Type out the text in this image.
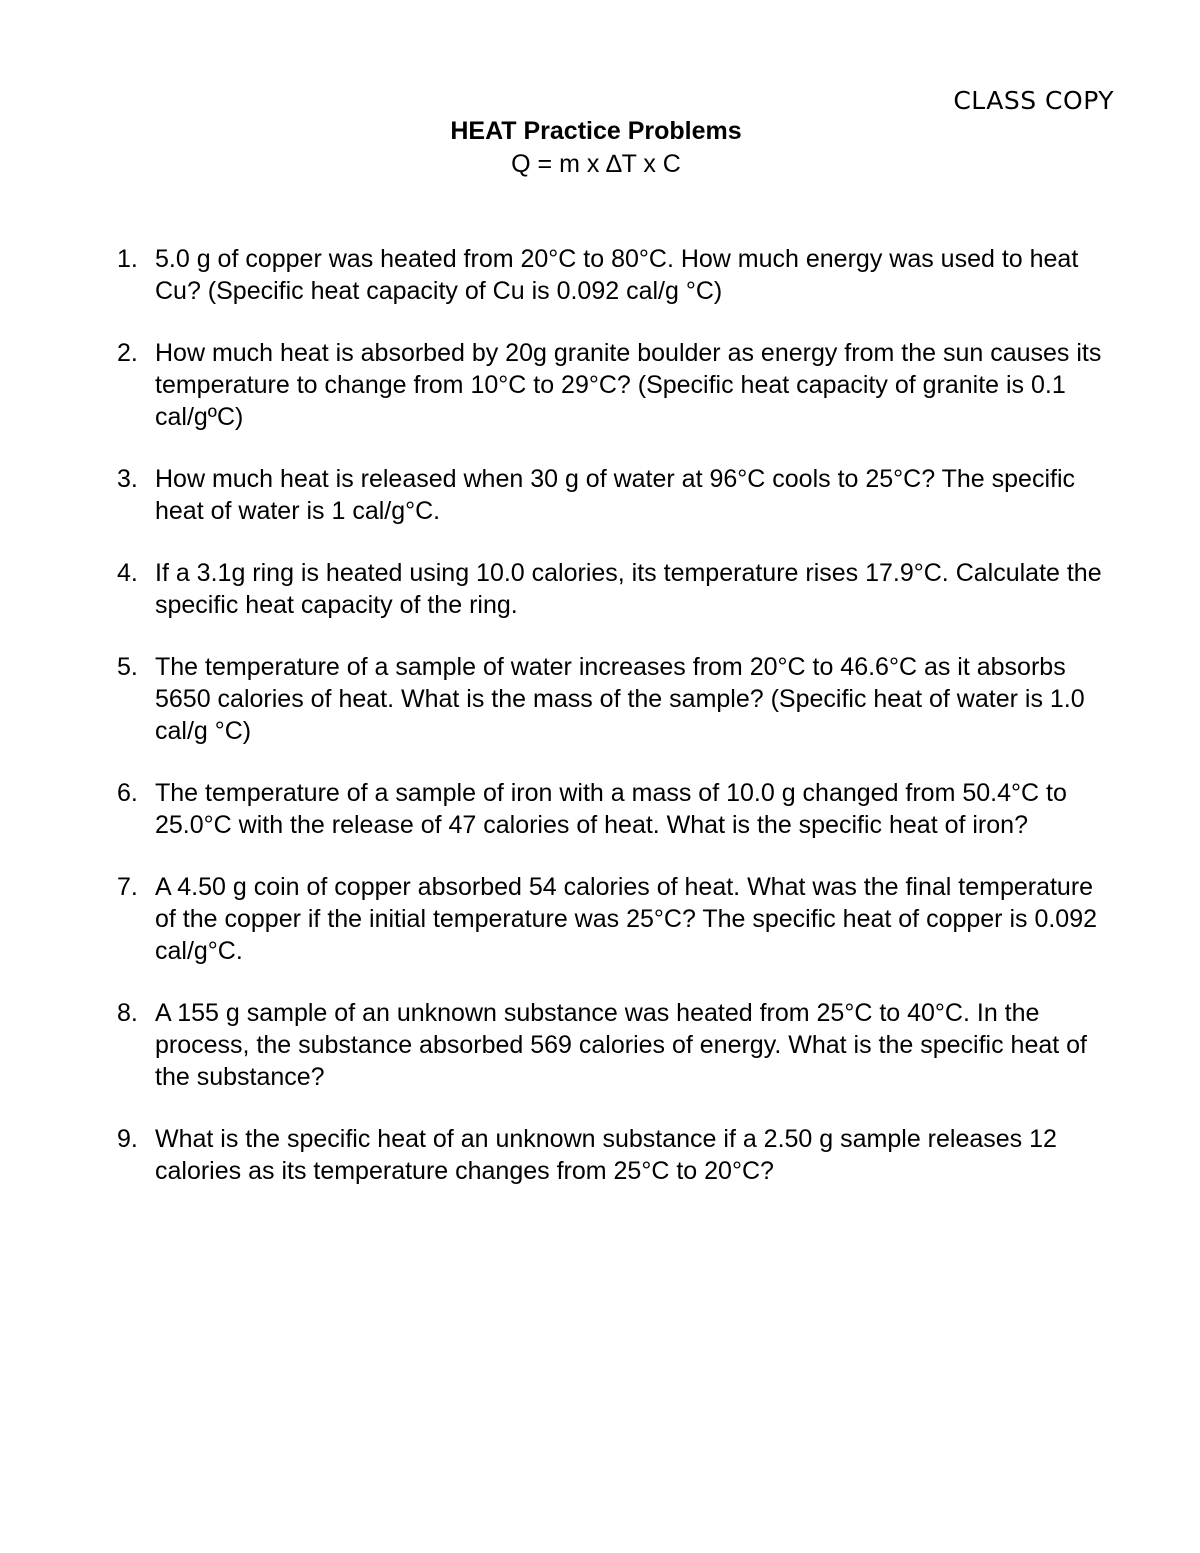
CLASS COPY
HEAT Practice Problems
Q = m x ∆T x C
1. 5.0 g of copper was heated from 20°C to 80°C. How much energy was used to heat Cu? (Specific heat capacity of Cu is 0.092 cal/g °C)
2. How much heat is absorbed by 20g granite boulder as energy from the sun causes its temperature to change from 10°C to 29°C? (Specific heat capacity of granite is 0.1 cal/gºC)
3. How much heat is released when 30 g of water at 96°C cools to 25°C? The specific heat of water is 1 cal/g°C.
4. If a 3.1g ring is heated using 10.0 calories, its temperature rises 17.9°C. Calculate the specific heat capacity of the ring.
5. The temperature of a sample of water increases from 20°C to 46.6°C as it absorbs 5650 calories of heat. What is the mass of the sample? (Specific heat of water is 1.0 cal/g °C)
6. The temperature of a sample of iron with a mass of 10.0 g changed from 50.4°C to 25.0°C with the release of 47 calories of heat. What is the specific heat of iron?
7. A 4.50 g coin of copper absorbed 54 calories of heat. What was the final temperature of the copper if the initial temperature was 25°C? The specific heat of copper is 0.092 cal/g°C.
8. A 155 g sample of an unknown substance was heated from 25°C to 40°C. In the process, the substance absorbed 569 calories of energy. What is the specific heat of the substance?
9. What is the specific heat of an unknown substance if a 2.50 g sample releases 12 calories as its temperature changes from 25°C to 20°C?
